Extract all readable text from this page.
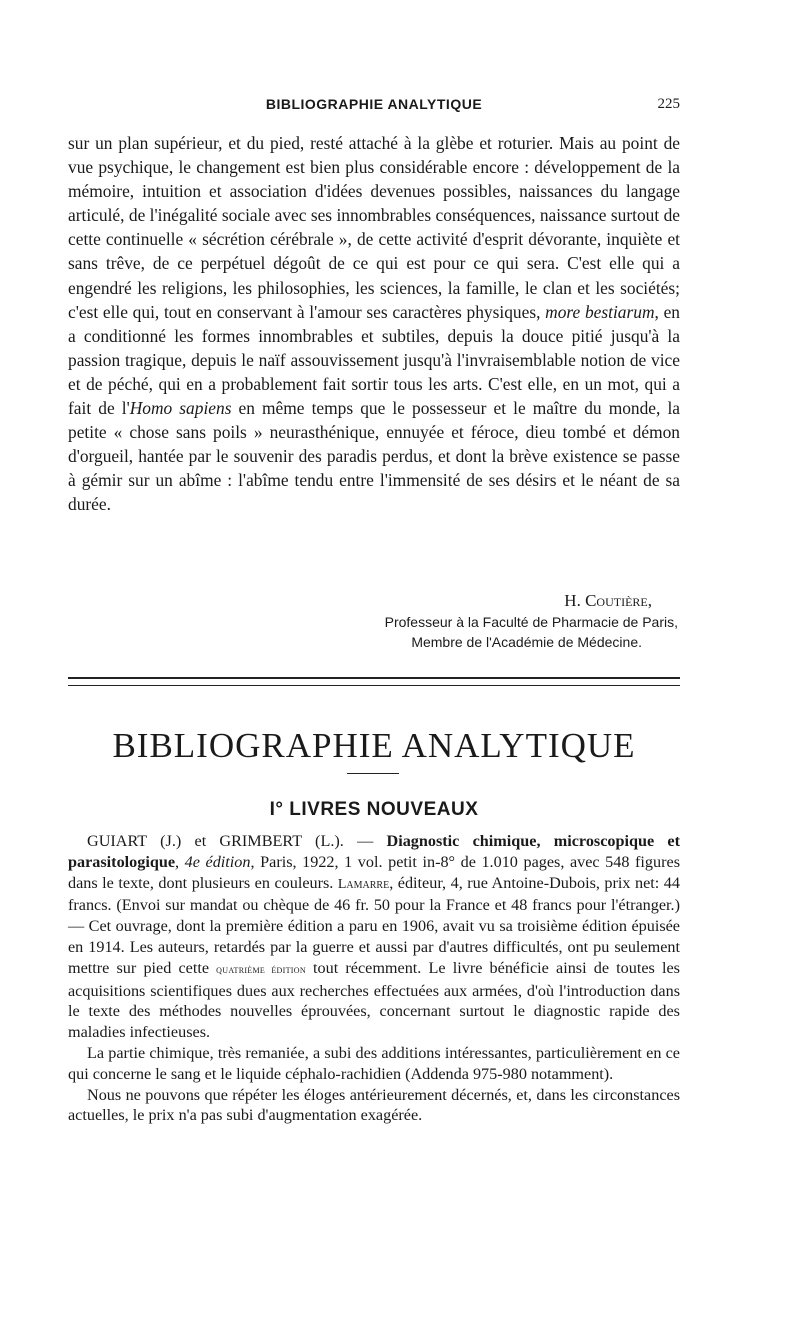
BIBLIOGRAPHIE ANALYTIQUE	225

sur un plan supérieur, et du pied, resté attaché à la glèbe et roturier. Mais au point de vue psychique, le changement est bien plus considérable encore : développement de la mémoire, intuition et association d'idées devenues possibles, naissances du langage articulé, de l'inégalité sociale avec ses innombrables conséquences, naissance surtout de cette continuelle « sécrétion cérébrale », de cette activité d'esprit dévorante, inquiète et sans trêve, de ce perpétuel dégoût de ce qui est pour ce qui sera. C'est elle qui a engendré les religions, les philosophies, les sciences, la famille, le clan et les sociétés; c'est elle qui, tout en conservant à l'amour ses caractères physiques, more bestiarum, en a conditionné les formes innombrables et subtiles, depuis la douce pitié jusqu'à la passion tragique, depuis le naïf assouvissement jusqu'à l'invraisemblable notion de vice et de péché, qui en a probablement fait sortir tous les arts. C'est elle, en un mot, qui a fait de l'Homo sapiens en même temps que le possesseur et le maître du monde, la petite « chose sans poils » neurasthénique, ennuyée et féroce, dieu tombé et démon d'orgueil, hantée par le souvenir des paradis perdus, et dont la brève existence se passe à gémir sur un abîme : l'abîme tendu entre l'immensité de ses désirs et le néant de sa durée.

H. Coutière,
Professeur à la Faculté de Pharmacie de Paris,
Membre de l'Académie de Médecine.
BIBLIOGRAPHIE ANALYTIQUE
I° LIVRES NOUVEAUX

GUIART (J.) et GRIMBERT (L.). — Diagnostic chimique, microscopique et parasitologique, 4e édition, Paris, 1922, 1 vol. petit in-8° de 1.010 pages, avec 548 figures dans le texte, dont plusieurs en couleurs. Lamarre, éditeur, 4, rue Antoine-Dubois, prix net: 44 francs. (Envoi sur mandat ou chèque de 46 fr. 50 pour la France et 48 francs pour l'étranger.) — Cet ouvrage, dont la première édition a paru en 1906, avait vu sa troisième édition épuisée en 1914. Les auteurs, retardés par la guerre et aussi par d'autres difficultés, ont pu seulement mettre sur pied cette quatrième édition tout récemment. Le livre bénéficie ainsi de toutes les acquisitions scientifiques dues aux recherches effectuées aux armées, d'où l'introduction dans le texte des méthodes nouvelles éprouvées, concernant surtout le diagnostic rapide des maladies infectieuses.

La partie chimique, très remaniée, a subi des additions intéressantes, particulièrement en ce qui concerne le sang et le liquide céphalo-rachidien (Addenda 975-980 notamment).

Nous ne pouvons que répéter les éloges antérieurement décernés, et, dans les circonstances actuelles, le prix n'a pas subi d'augmentation exagérée.
